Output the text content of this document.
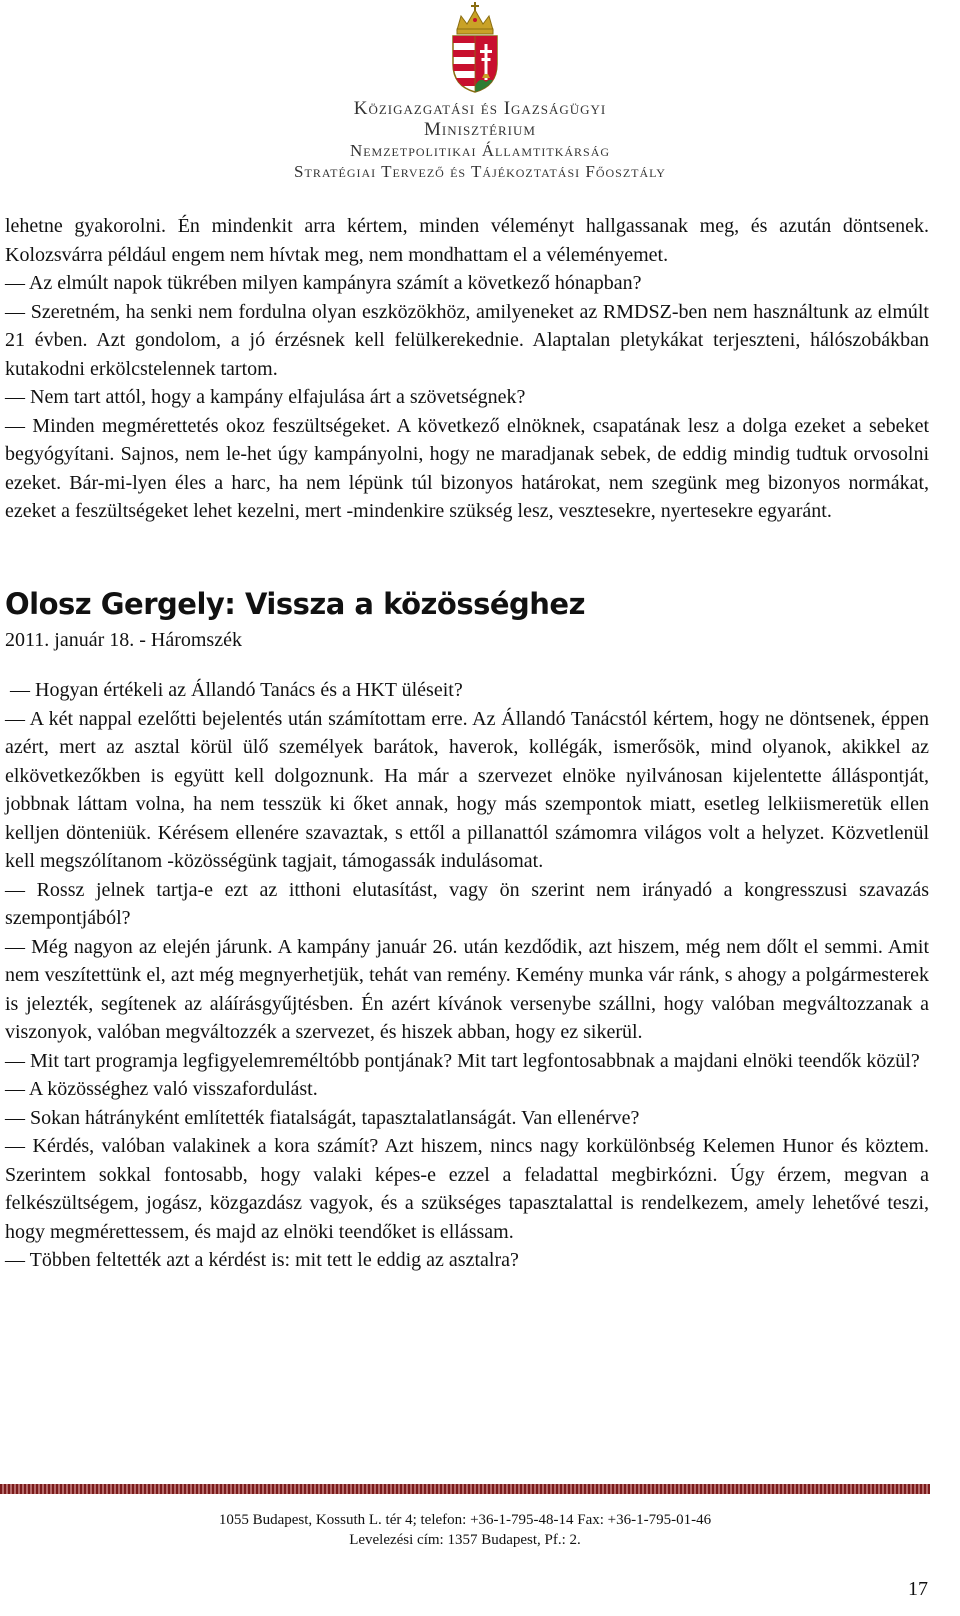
Közigazgatási és Igazságügyi
Minisztérium
Nemzetpolitikai Államtitkárság
Stratégiai Tervező és Tájékoztatási Főosztály

lehetne gyakorolni. Én mindenkit arra kértem, minden véleményt hallgassanak meg, és azután döntsenek. Kolozsvárra például engem nem hívtak meg, nem mondhattam el a véleményemet.

— Az elmúlt napok tükrében milyen kampányra számít a következő hónapban?

— Szeretném, ha senki nem fordulna olyan eszközökhöz, amilyeneket az RMDSZ-ben nem használtunk az elmúlt 21 évben. Azt gondolom, a jó érzésnek kell felülkerekednie. Alaptalan pletykákat terjeszteni, hálószobákban kutakodni erkölcstelennek tartom.

— Nem tart attól, hogy a kampány elfajulása árt a szövetségnek?

— Minden megmérettetés okoz feszültségeket. A következő elnöknek, csapatának lesz a dolga ezeket a sebeket begyógyítani. Sajnos, nem le-het úgy kampányolni, hogy ne maradjanak sebek, de eddig mindig tudtuk orvosolni ezeket. Bár-mi-lyen éles a harc, ha nem lépünk túl bizonyos határokat, nem szegünk meg bizonyos normákat, ezeket a feszültségeket lehet kezelni, mert -mindenkire szükség lesz, vesztesekre, nyertesekre egyaránt.

Olosz Gergely: Vissza a közösséghez

2011. január 18. - Háromszék

— Hogyan értékeli az Állandó Tanács és a HKT üléseit?

— A két nappal ezelőtti bejelentés után számítottam erre. Az Állandó Tanácstól kértem, hogy ne döntsenek, éppen azért, mert az asztal körül ülő személyek barátok, haverok, kollégák, ismerősök, mind olyanok, akikkel az elkövetkezőkben is együtt kell dolgoznunk. Ha már a szervezet elnöke nyilvánosan kijelentette álláspontját, jobbnak láttam volna, ha nem tesszük ki őket annak, hogy más szempontok miatt, esetleg lelkiismeretük ellen kelljen dönteniük. Kérésem ellenére szavaztak, s ettől a pillanattól számomra világos volt a helyzet. Közvetlenül kell megszólítanom -közösségünk tagjait, támogassák indulásomat.

— Rossz jelnek tartja-e ezt az itthoni elutasítást, vagy ön szerint nem irányadó a kongresszusi szavazás szempontjából?

— Még nagyon az elején járunk. A kampány január 26. után kezdődik, azt hiszem, még nem dőlt el semmi. Amit nem veszítettünk el, azt még megnyerhetjük, tehát van remény. Kemény munka vár ránk, s ahogy a polgármesterek is jelezték, segítenek az aláírásgyűjtésben. Én azért kívánok versenybe szállni, hogy valóban megváltozzanak a viszonyok, valóban megváltozzék a szervezet, és hiszek abban, hogy ez sikerül.

— Mit tart programja legfigyelemreméltóbb pontjának? Mit tart legfontosabbnak a majdani elnöki teendők közül?

— A közösséghez való visszafordulást.

— Sokan hátrányként említették fiatalságát, tapasztalatlanságát. Van ellenérve?

— Kérdés, valóban valakinek a kora számít? Azt hiszem, nincs nagy korkülönbség Kelemen Hunor és köztem. Szerintem sokkal fontosabb, hogy valaki képes-e ezzel a feladattal megbirkózni. Úgy érzem, megvan a felkészültségem, jogász, közgazdász vagyok, és a szükséges tapasztalattal is rendelkezem, amely lehetővé teszi, hogy megmérettessem, és majd az elnöki teendőket is ellássam.

— Többen feltették azt a kérdést is: mit tett le eddig az asztalra?

1055 Budapest, Kossuth L. tér 4; telefon: +36-1-795-48-14 Fax: +36-1-795-01-46
Levelezési cím: 1357 Budapest, Pf.: 2.
17
